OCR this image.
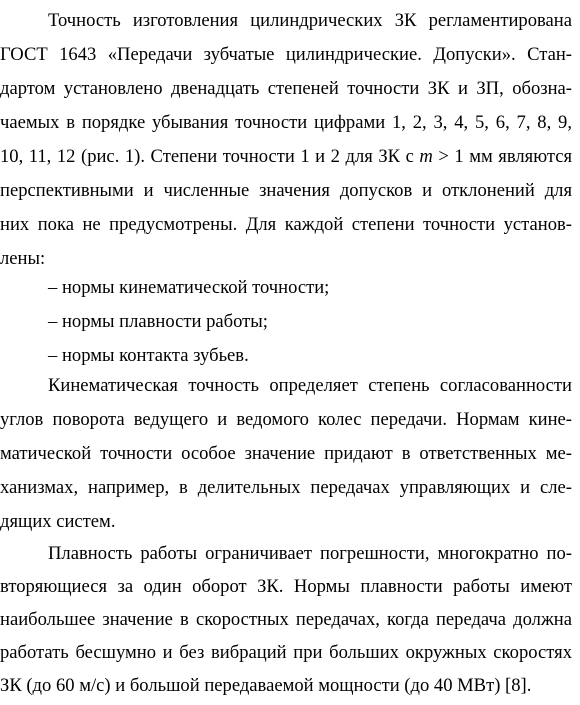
Точность изготовления цилиндрических ЗК регламентирована
ГОСТ 1643 «Передачи зубчатые цилиндрические. Допуски». Стан-
дартом установлено двенадцать степеней точности ЗК и ЗП, обозна-
чаемых в порядке убывания точности цифрами 1, 2, 3, 4, 5, 6, 7, 8, 9,
10, 11, 12 (рис. 1). Степени точности 1 и 2 для ЗК с m > 1 мм являются
перспективными и численные значения допусков и отклонений для
них пока не предусмотрены. Для каждой степени точности установ-
лены:
– нормы кинематической точности;
– нормы плавности работы;
– нормы контакта зубьев.
Кинематическая точность определяет степень согласованности
углов поворота ведущего и ведомого колес передачи. Нормам кине-
матической точности особое значение придают в ответственных ме-
ханизмах, например, в делительных передачах управляющих и сле-
дящих систем.
Плавность работы ограничивает погрешности, многократно по-
вторяющиеся за один оборот ЗК. Нормы плавности работы имеют
наибольшее значение в скоростных передачах, когда передача должна
работать бесшумно и без вибраций при больших окружных скоростях
ЗК (до 60 м/с) и большой передаваемой мощности (до 40 МВт) [8].
